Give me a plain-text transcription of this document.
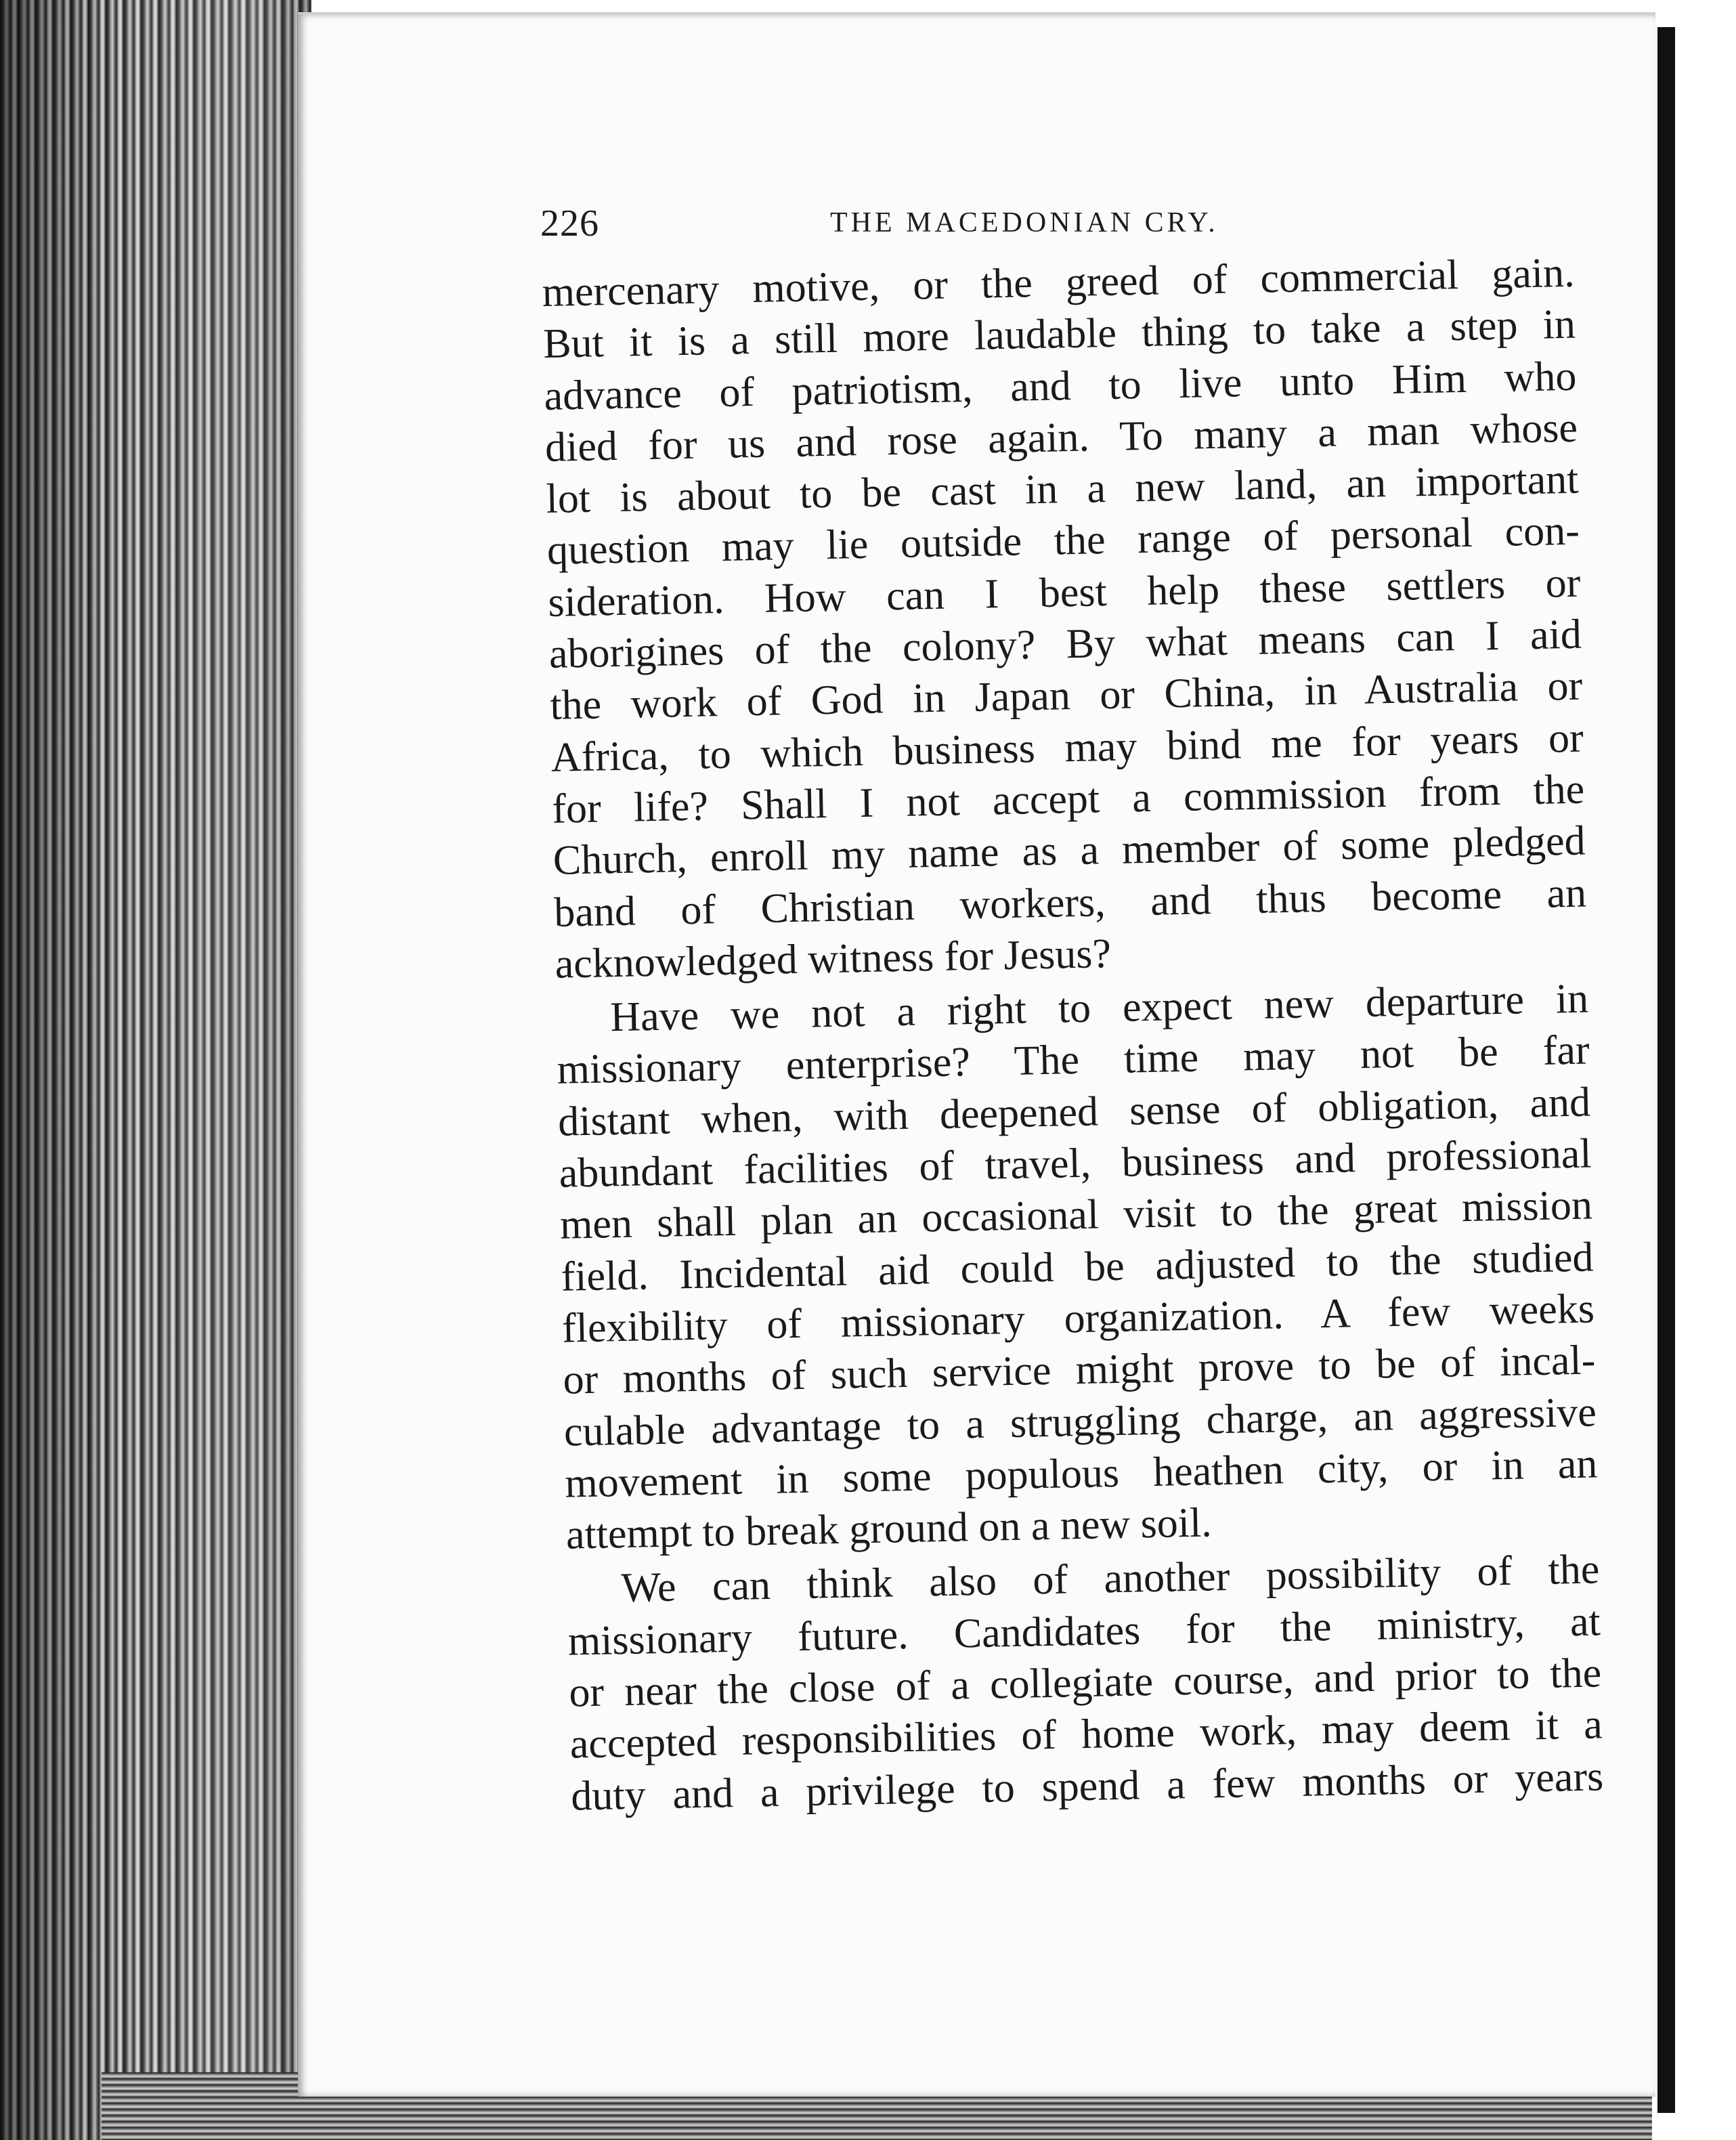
226	THE MACEDONIAN CRY.
mercenary motive, or the greed of commercial gain.
But it is a still more laudable thing to take a step in
advance of patriotism, and to live unto Him who
died for us and rose again. To many a man whose
lot is about to be cast in a new land, an important
question may lie outside the range of personal con-
sideration. How can I best help these settlers or
aborigines of the colony? By what means can I aid
the work of God in Japan or China, in Australia or
Africa, to which business may bind me for years or
for life? Shall I not accept a commission from the
Church, enroll my name as a member of some pledged
band of Christian workers, and thus become an
acknowledged witness for Jesus?
Have we not a right to expect new departure in
missionary enterprise? The time may not be far
distant when, with deepened sense of obligation, and
abundant facilities of travel, business and professional
men shall plan an occasional visit to the great mission
field. Incidental aid could be adjusted to the studied
flexibility of missionary organization. A few weeks
or months of such service might prove to be of incal-
culable advantage to a struggling charge, an aggressive
movement in some populous heathen city, or in an
attempt to break ground on a new soil.
We can think also of another possibility of the
missionary future. Candidates for the ministry, at
or near the close of a collegiate course, and prior to the
accepted responsibilities of home work, may deem it a
duty and a privilege to spend a few months or years
